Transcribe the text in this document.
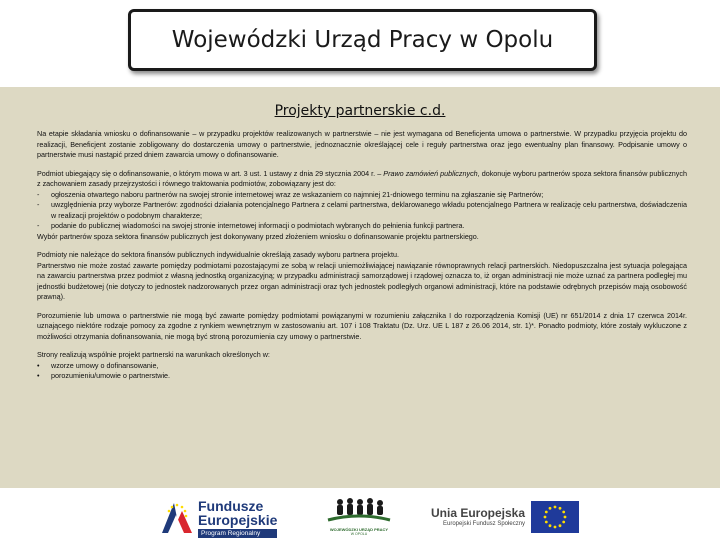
Wojewódzki Urząd Pracy w Opolu
Projekty partnerskie c.d.

Na etapie składania wniosku o dofinansowanie – w przypadku projektów realizowanych w partnerstwie – nie jest wymagana od Beneficjenta umowa o partnerstwie. W przypadku przyjęcia projektu do realizacji, Beneficjent zostanie zobligowany do dostarczenia umowy o partnerstwie, jednoznacznie określającej cele i reguły partnerstwa oraz jego ewentualny plan finansowy. Podpisanie umowy o partnerstwie musi nastąpić przed dniem zawarcia umowy o dofinansowanie.

Podmiot ubiegający się o dofinansowanie, o którym mowa w art. 3 ust. 1 ustawy z dnia 29 stycznia 2004 r. – Prawo zamówień publicznych, dokonuje wyboru partnerów spoza sektora finansów publicznych z zachowaniem zasady przejrzystości i równego traktowania podmiotów, zobowiązany jest do:

-	ogłoszenia otwartego naboru partnerów na swojej stronie internetowej wraz ze wskazaniem co najmniej 21-dniowego terminu na zgłaszanie się Partnerów;
-	uwzględnienia przy wyborze Partnerów: zgodności działania potencjalnego Partnera z celami partnerstwa, deklarowanego wkładu potencjalnego Partnera w realizację celu partnerstwa, doświadczenia w realizacji projektów o podobnym charakterze;
-	podanie do publicznej wiadomości na swojej stronie internetowej informacji o podmiotach wybranych do pełnienia funkcji partnera.

Wybór partnerów spoza sektora finansów publicznych jest dokonywany przed złożeniem wniosku o dofinansowanie projektu partnerskiego.

Podmioty nie należące do sektora finansów publicznych indywidualnie określają zasady wyboru partnera projektu.

Partnerstwo nie może zostać zawarte pomiędzy podmiotami pozostającymi ze sobą w relacji uniemożliwiającej nawiązanie równoprawnych relacji partnerskich. Niedopuszczalna jest sytuacja polegająca na zawarciu partnerstwa przez podmiot z własną jednostką organizacyjną; w przypadku administracji samorządowej i rządowej oznacza to, iż organ administracji nie może uznać za partnera podległej mu jednostki budżetowej (nie dotyczy to jednostek nadzorowanych przez organ administracji oraz tych jednostek podległych organowi administracji, które na podstawie odrębnych przepisów mają osobowość prawną).

Porozumienie lub umowa o partnerstwie nie mogą być zawarte pomiędzy podmiotami powiązanymi w rozumieniu załącznika I do rozporządzenia Komisji (UE) nr 651/2014 z dnia 17 czerwca 2014r. uznającego niektóre rodzaje pomocy za zgodne z rynkiem wewnętrznym w zastosowaniu art. 107 i 108 Traktatu (Dz. Urz. UE L 187 z 26.06 2014, str. 1)*. Ponadto podmioty, które zostały wykluczone z możliwości otrzymania dofinansowania, nie mogą być stroną porozumienia czy umowy o partnerstwie.

Strony realizują wspólnie projekt partnerski na warunkach określonych w:

•	wzorze umowy o dofinansowanie,
•	porozumieniu/umowie o partnerstwie.
Fundusze
Europejskie
Program Regionalny
WOJEWÓDZKI URZĄD PRACY
W OPOLU
Unia Europejska
Europejski Fundusz Społeczny
